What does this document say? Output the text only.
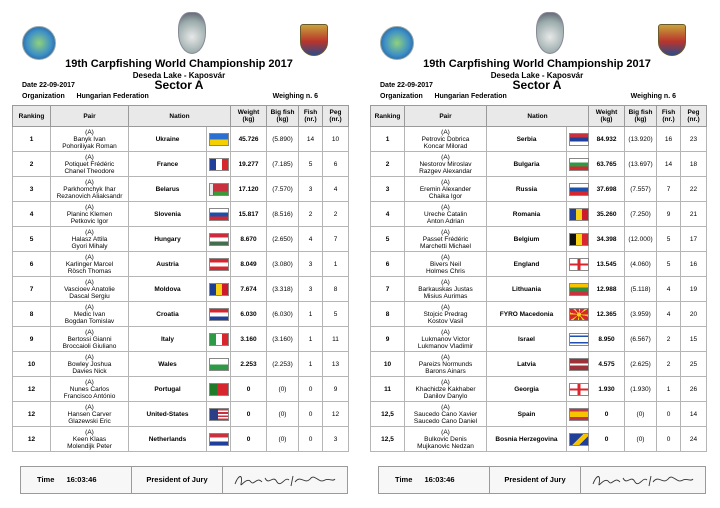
19th Carpfishing World Championship 2017
Deseda Lake - Kaposvár
Date 22-09-2017	Sector A
Organization Hungarian Federation	Weighing n. 6
Ranking	Pair	Nation		Weight (kg)	Big fish (kg)	Fish (nr.)	Peg (nr.)
1	(A)
Banyk Ivan
Pohoriliyak Roman	Ukraine		45.726	(5.890)	14	10
2	(A)
Potiquet Frédéric
Chanel Theodore	France		19.277	(7.185)	5	6
3	(A)
Parkhomchyk Ihar
Rezanovich Aliaksandr	Belarus		17.120	(7.570)	3	4
4	(A)
Planinc Klemen
Petkovic Igor	Slovenia		15.817	(8.516)	2	2
5	(A)
Halasz Attila
Gyori Mihaly	Hungary		8.670	(2.650)	4	7
6	(A)
Karlinger Marcel
Rösch Thomas	Austria		8.049	(3.080)	3	1
7	(A)
Vascioev Anatolie
Dascal Sergiu	Moldova		7.674	(3.318)	3	8
8	(A)
Medic Ivan
Bogdan Tomislav	Croatia		6.030	(6.030)	1	5
9	(A)
Bertossi Gianni
Broccaioli Giuliano	Italy		3.160	(3.160)	1	11
10	(A)
Bowley Joshua
Davies Nick	Wales		2.253	(2.253)	1	13
12	(A)
Nunes Carlos
Francisco António	Portugal		0	(0)	0	9
12	(A)
Hansen Carver
Glazewski Eric	United-States		0	(0)	0	12
12	(A)
Keen Klaas
Molendijk Peter	Netherlands		0	(0)	0	3
Time 16:03:46	President of Jury
19th Carpfishing World Championship 2017
Deseda Lake - Kaposvár
Date 22-09-2017	Sector A
Organization Hungarian Federation	Weighing n. 6
Ranking	Pair	Nation		Weight (kg)	Big fish (kg)	Fish (nr.)	Peg (nr.)
1	(A)
Petrovic Dobrica
Koncar Milorad	Serbia		84.932	(13.920)	16	23
2	(A)
Nestorov Miroslav
Razgev Alexandar	Bulgaria		63.765	(13.697)	14	18
3	(A)
Eremin Alexander
Chaika Igor	Russia		37.698	(7.557)	7	22
4	(A)
Ureche Catalin
Anton Adrian	Romania		35.260	(7.250)	9	21
5	(A)
Passet Frédéric
Marchetti Michael	Belgium		34.398	(12.000)	5	17
6	(A)
Bivers Neil
Holmes Chris	England		13.545	(4.060)	5	16
7	(A)
Barkauskas Justas
Misius Aurimas	Lithuania		12.988	(5.118)	4	19
8	(A)
Stojcic Predrag
Kostov Vasil	FYRO Macedonia		12.365	(3.959)	4	20
9	(A)
Lukmanov Victor
Lukmanov Vladimir	Israel		8.950	(6.567)	2	15
10	(A)
Pareizs Normunds
Barons Ainars	Latvia		4.575	(2.625)	2	25
11	(A)
Khachidze Kakhaber
Danilov Danylo	Georgia		1.930	(1.930)	1	26
12,5	(A)
Saucedo Cano Xavier
Saucedo Cano Daniel	Spain		0	(0)	0	14
12,5	(A)
Bulkovic Denis
Mujkanovic Nedzan	Bosnia Herzegovina		0	(0)	0	24
Time 16:03:46	President of Jury
